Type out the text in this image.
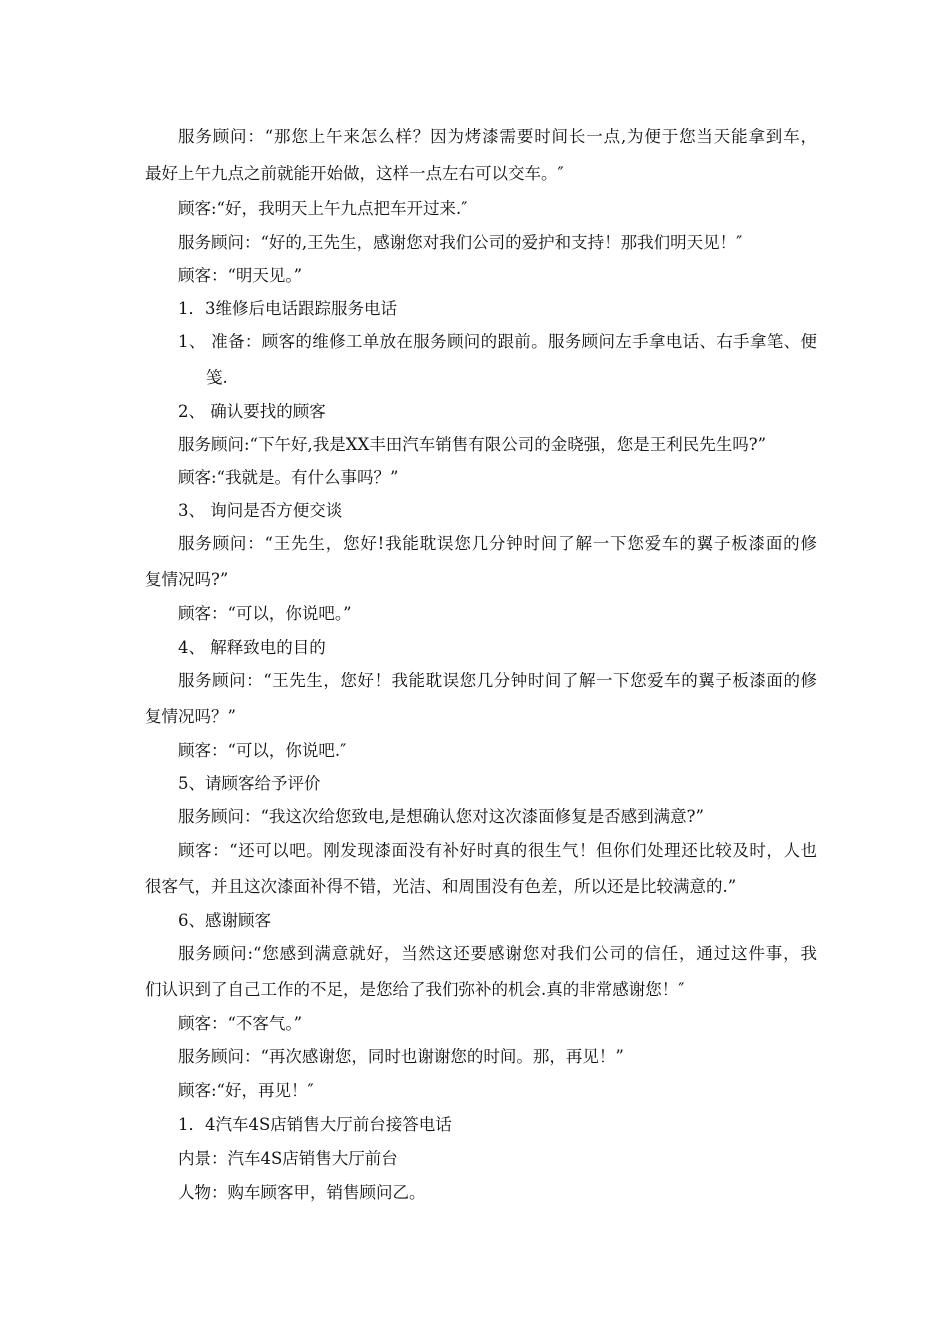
服务顾问：“那您上午来怎么样？因为烤漆需要时间长一点,为便于您当天能拿到车，
最好上午九点之前就能开始做，这样一点左右可以交车。″
顾客:“好，我明天上午九点把车开过来.″
服务顾问：“好的,王先生，感谢您对我们公司的爱护和支持！那我们明天见！″
顾客：“明天见。”
1．3维修后电话跟踪服务电话
1、 准备：顾客的维修工单放在服务顾问的跟前。服务顾问左手拿电话、右手拿笔、便
笺.
2、 确认要找的顾客
服务顾问:“下午好,我是XX丰田汽车销售有限公司的金晓强，您是王利民先生吗?”
顾客:“我就是。有什么事吗？”
3、 询问是否方便交谈
服务顾问：“王先生，您好!我能耽误您几分钟时间了解一下您爱车的翼子板漆面的修
复情况吗?”
顾客：“可以，你说吧。”
4、 解释致电的目的
服务顾问：“王先生，您好！我能耽误您几分钟时间了解一下您爱车的翼子板漆面的修
复情况吗？”
顾客：“可以，你说吧.″
5、请顾客给予评价
服务顾问：“我这次给您致电,是想确认您对这次漆面修复是否感到满意?”
顾客：“还可以吧。刚发现漆面没有补好时真的很生气！但你们处理还比较及时，人也
很客气，并且这次漆面补得不错，光洁、和周围没有色差，所以还是比较满意的.”
6、感谢顾客
服务顾问:“您感到满意就好，当然这还要感谢您对我们公司的信任，通过这件事，我
们认识到了自己工作的不足，是您给了我们弥补的机会.真的非常感谢您！″
顾客：“不客气。”
服务顾问：“再次感谢您，同时也谢谢您的时间。那，再见！”
顾客:“好，再见！″
1．4汽车4S店销售大厅前台接答电话
内景：汽车4S店销售大厅前台
人物：购车顾客甲，销售顾问乙。
